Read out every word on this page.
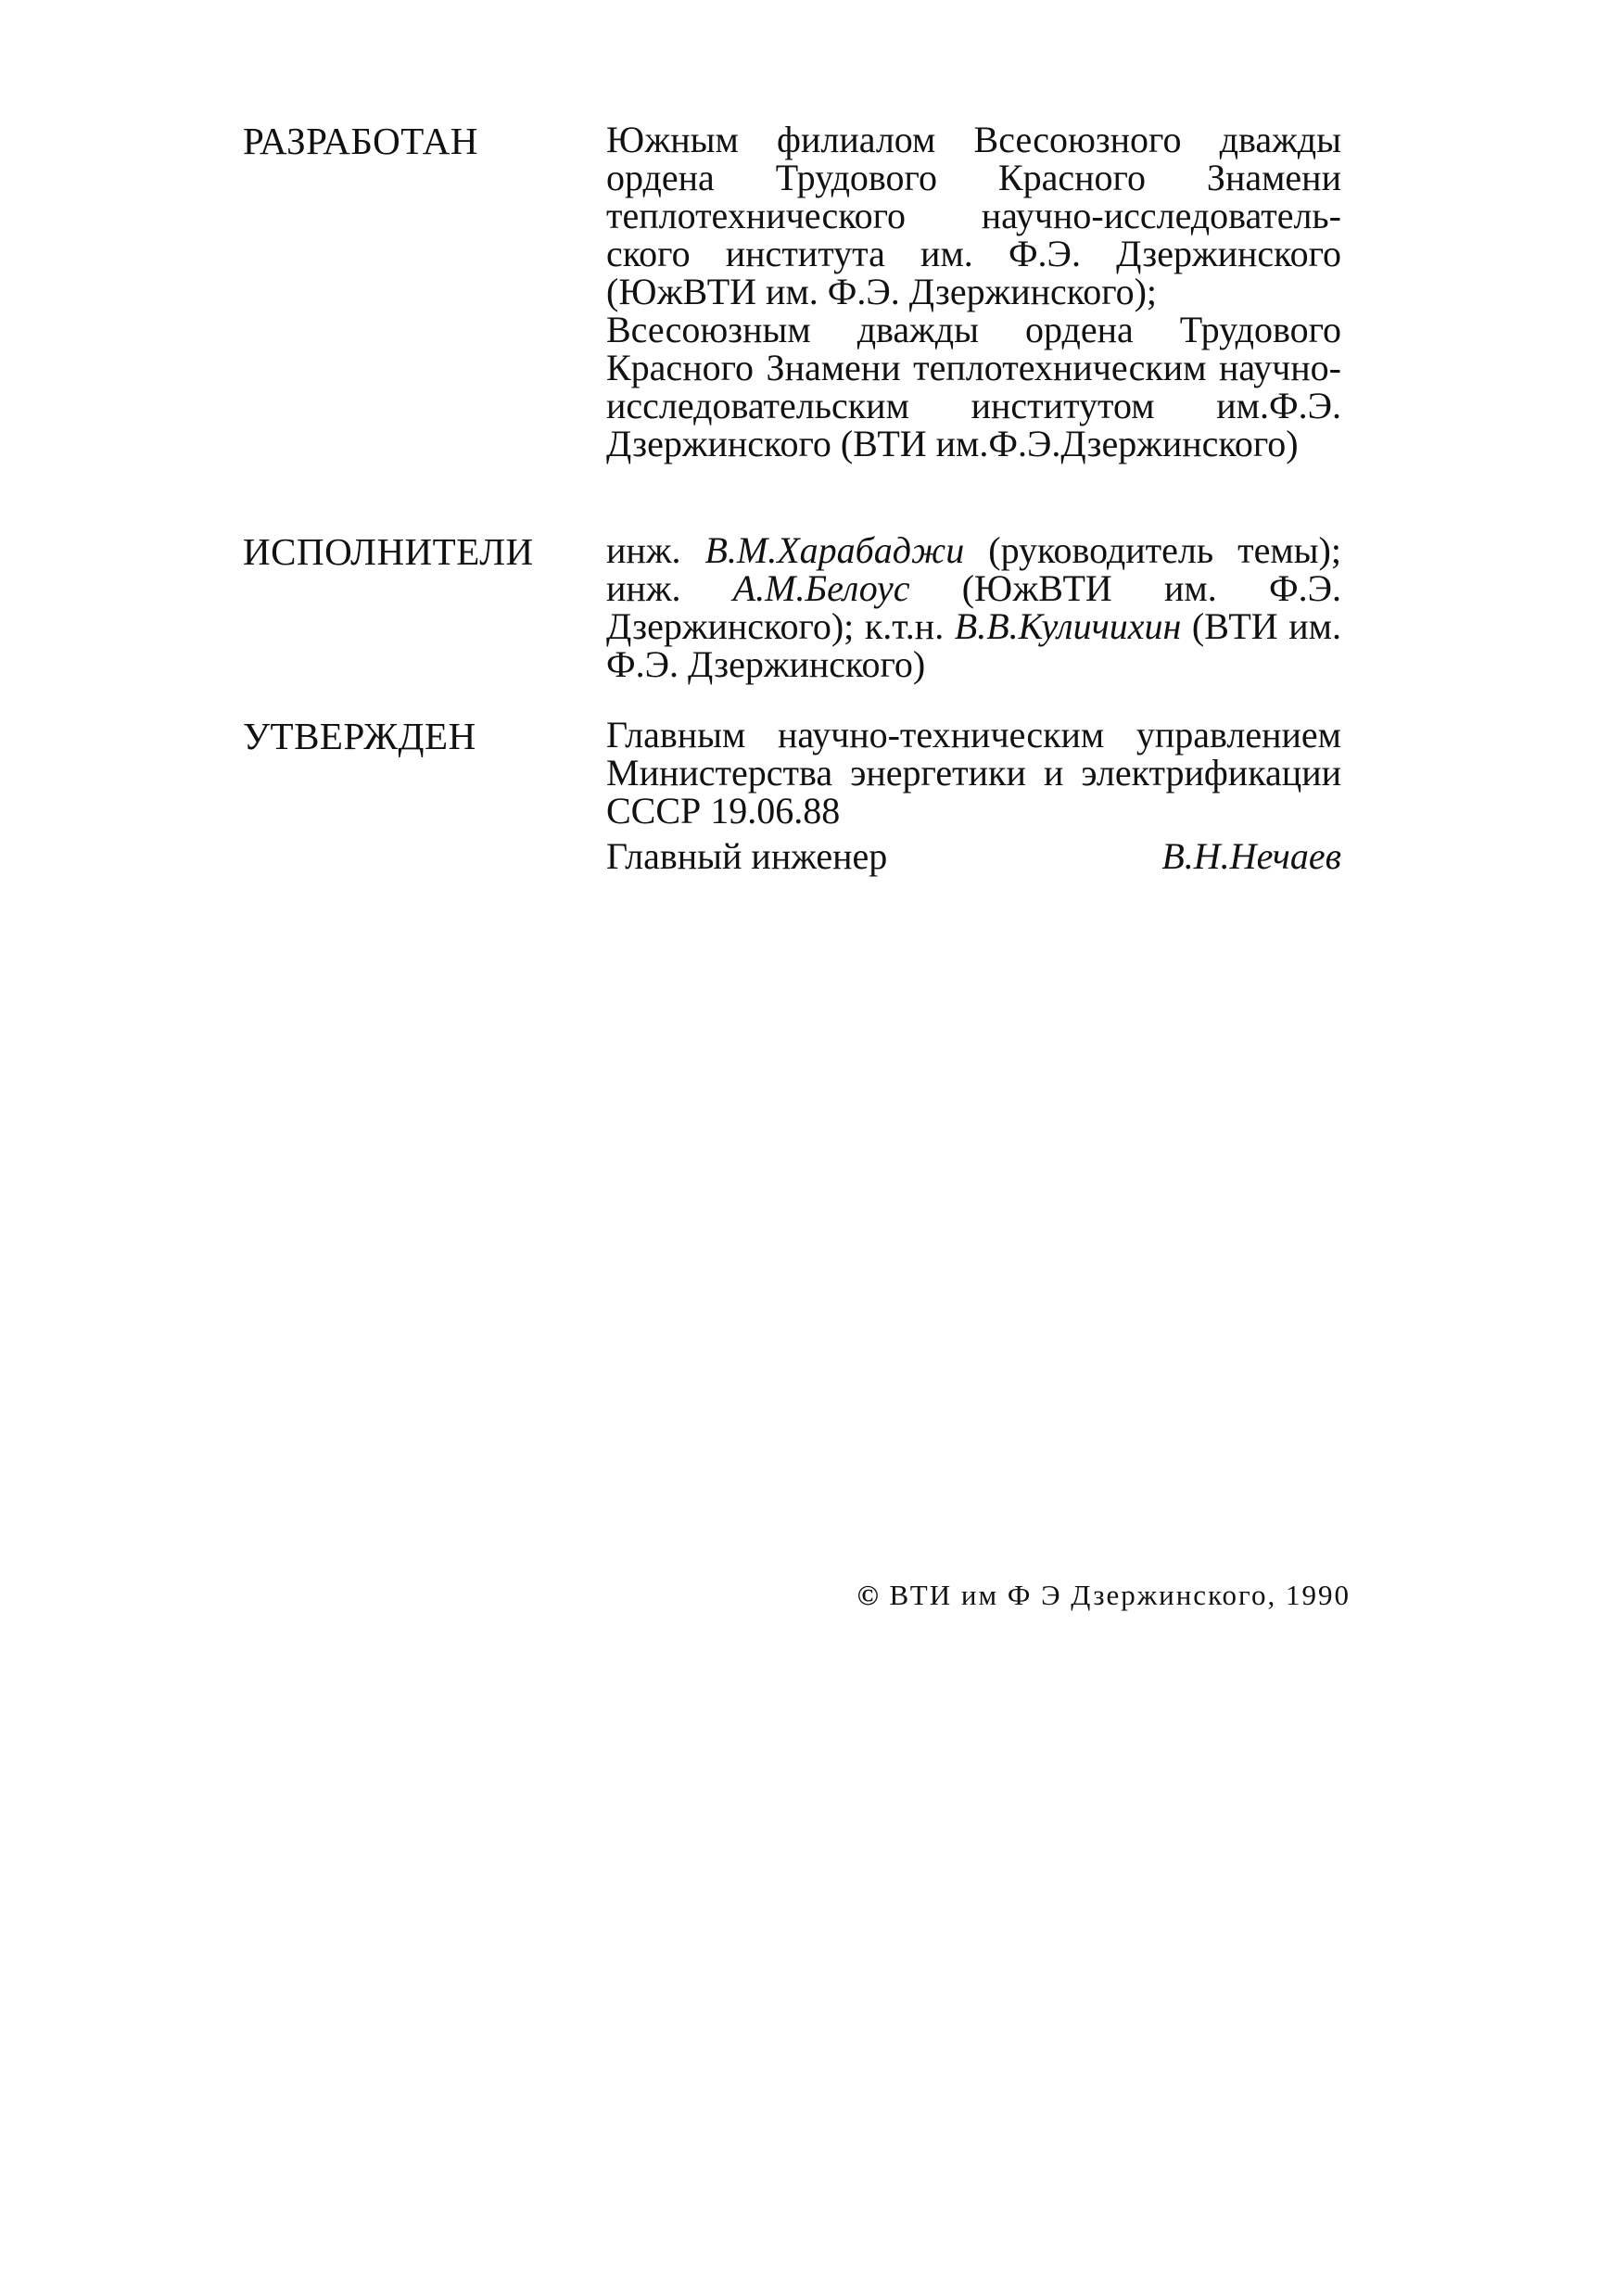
РАЗРАБОТАН	Южным филиалом Всесоюзного дважды ордена Трудового Красного Знамени теплотехнического научно-исследовательского института им. Ф.Э. Дзержинского (ЮжВТИ им. Ф.Э. Дзержинского);

Всесоюзным дважды ордена Трудового Красного Знамени теплотехническим научно-исследовательским институтом им.Ф.Э. Дзержинского (ВТИ им.Ф.Э.Дзержинского)

ИСПОЛНИТЕЛИ	инж. В.М.Харабаджи (руководитель темы); инж. А.М.Белоус (ЮжВТИ им. Ф.Э. Дзержинского); к.т.н. В.В.Куличихин (ВТИ им. Ф.Э. Дзержинского)

УТВЕРЖДЕН	Главным научно-техническим управлением Министерства энергетики и электрификации СССР 19.06.88

Главный инженер	В.Н.Нечаев
© ВТИ им Ф Э Дзержинского, 1990
